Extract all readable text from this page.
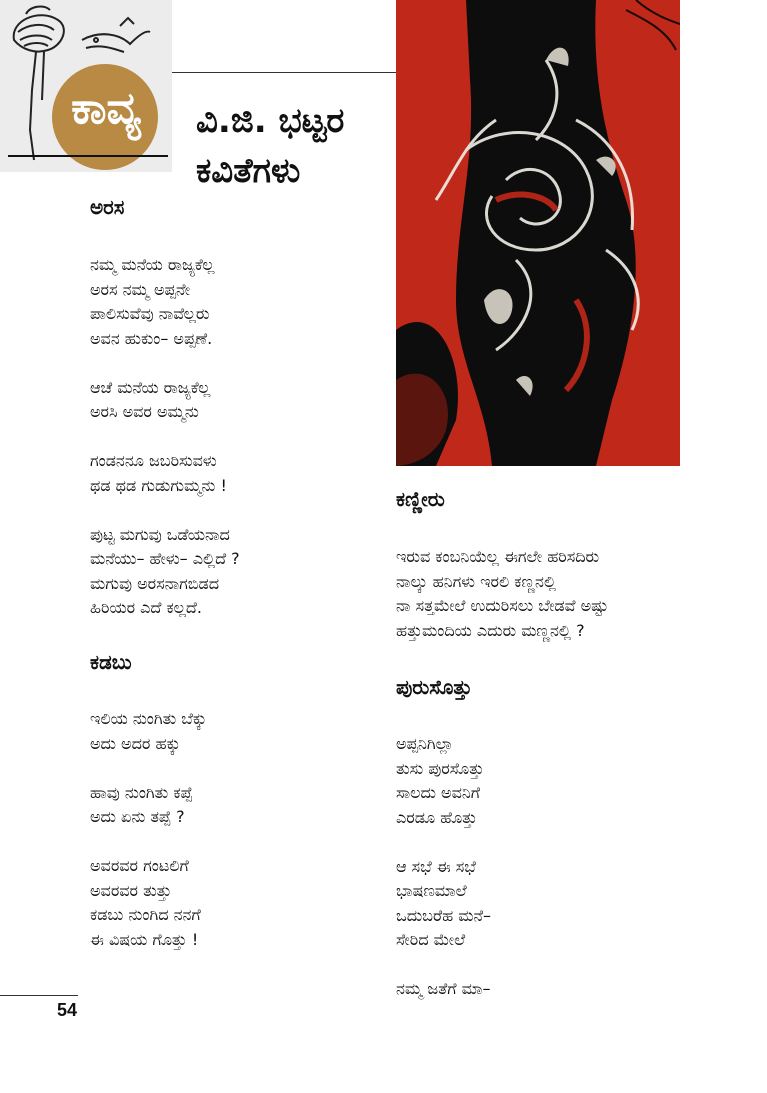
ಕಾವ್ಯ	ವಿ.ಜಿ. ಭಟ್ಟರ
ಕವಿತೆಗಳು
ಅರಸ
ನಮ್ಮ ಮನೆಯ ರಾಜ್ಯಕೆಲ್ಲ
ಅರಸ ನಮ್ಮ ಅಪ್ಪನೇ
ಪಾಲಿಸುವೆವು ನಾವೆಲ್ಲರು
ಅವನ ಹುಕುಂ– ಅಪ್ಪಣೆ.

ಆಚೆ ಮನೆಯ ರಾಜ್ಯಕೆಲ್ಲ
ಅರಸಿ ಅವರ ಅಮ್ಮನು

ಗಂಡನನೂ ಜಬರಿಸುವಳು
ಥಡ ಥಡ ಗುಡುಗುಮ್ಮನು !

ಪುಟ್ಟ ಮಗುವು ಒಡೆಯನಾದ
ಮನೆಯು– ಹೇಳು– ಎಲ್ಲಿದೆ ?
ಮಗುವು ಅರಸನಾಗಬಿಡದ
ಹಿರಿಯರ ಎದೆ ಕಲ್ಲದೆ.
ಕಡಬು
ಇಲಿಯ ನುಂಗಿತು ಬೆಕ್ಕು
ಅದು ಅದರ ಹಕ್ಕು

ಹಾವು ನುಂಗಿತು ಕಪ್ಪೆ
ಅದು ಏನು ತಪ್ಪೆ ?

ಅವರವರ ಗಂಟಲಿಗೆ
ಅವರವರ ತುತ್ತು
ಕಡಬು ನುಂಗಿದ ನನಗೆ
ಈ ವಿಷಯ ಗೊತ್ತು !
ಕಣ್ಣೀರು
ಇರುವ ಕಂಬನಿಯೆಲ್ಲ ಈಗಲೇ ಹರಿಸದಿರು
ನಾಲ್ಕು ಹನಿಗಳು ಇರಲಿ ಕಣ್ಣನಲ್ಲಿ
ನಾ ಸತ್ತಮೇಲೆ ಉದುರಿಸಲು ಬೇಡವೆ ಅಷ್ಟು
ಹತ್ತುಮಂದಿಯ ಎದುರು ಮಣ್ಣನಲ್ಲಿ ?
ಪುರುಸೊತ್ತು
ಅಪ್ಪನಿಗಿಲ್ಲಾ
ತುಸು ಪುರಸೊತ್ತು
ಸಾಲದು ಅವನಿಗೆ
ಎರಡೂ ಹೊತ್ತು

ಆ ಸಭೆ ಈ ಸಭೆ
ಭಾಷಣಮಾಲೆ
ಒದುಬರೆಹ ಮನೆ–
ಸೇರಿದ ಮೇಲೆ

ನಮ್ಮ ಜತೆಗೆ ಮಾ–
54
